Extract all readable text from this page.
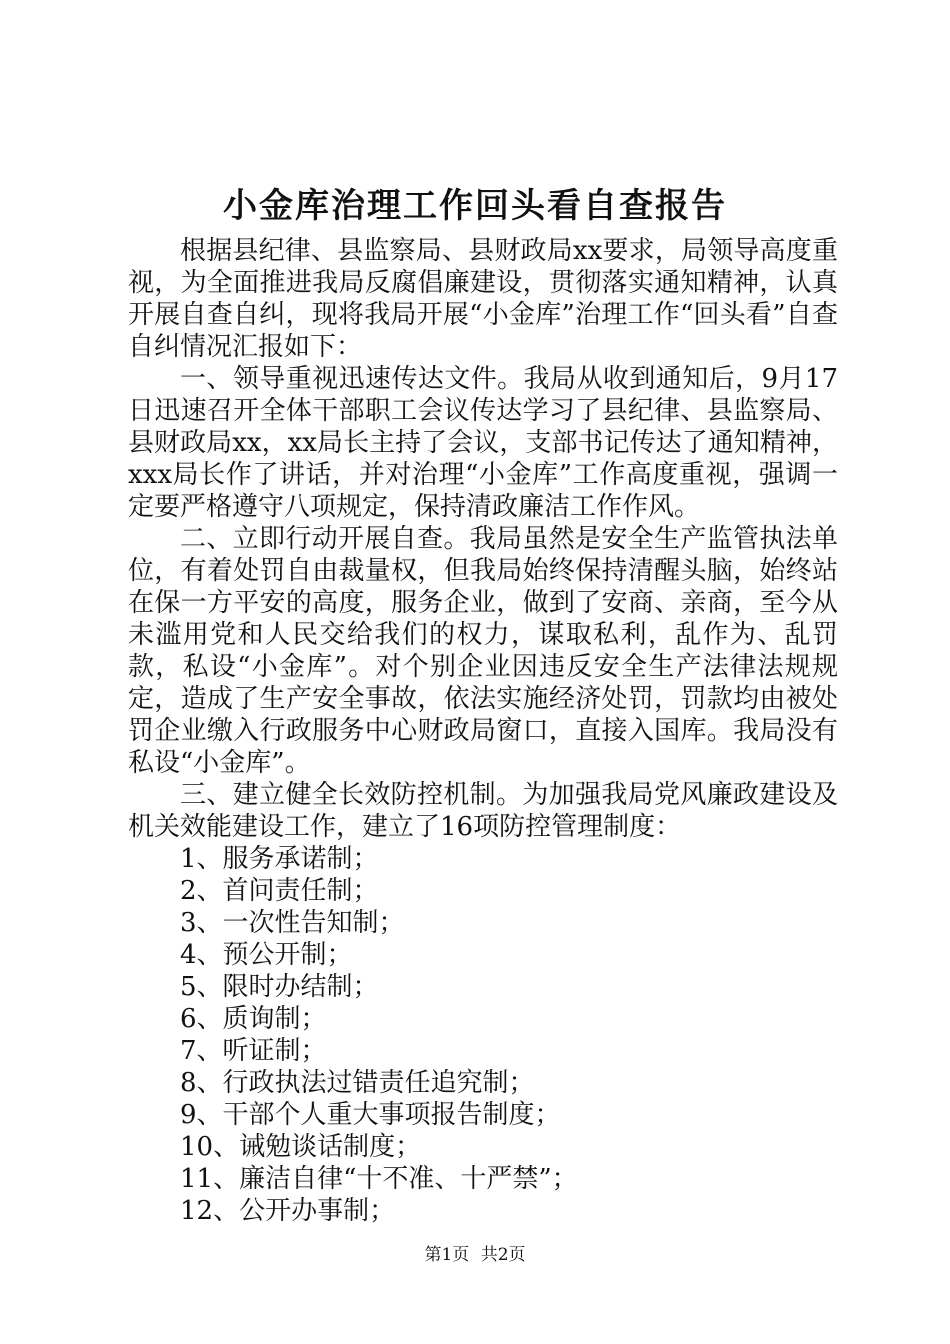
小金库治理工作回头看自查报告

根据县纪律、县监察局、县财政局xx要求，局领导高度重视，为全面推进我局反腐倡廉建设，贯彻落实通知精神，认真开展自查自纠，现将我局开展“小金库”治理工作“回头看”自查自纠情况汇报如下：

一、领导重视迅速传达文件。我局从收到通知后，9月17日迅速召开全体干部职工会议传达学习了县纪律、县监察局、县财政局xx，xx局长主持了会议，支部书记传达了通知精神，xxx局长作了讲话，并对治理“小金库”工作高度重视，强调一定要严格遵守八项规定，保持清政廉洁工作作风。

二、立即行动开展自查。我局虽然是安全生产监管执法单位，有着处罚自由裁量权，但我局始终保持清醒头脑，始终站在保一方平安的高度，服务企业，做到了安商、亲商，至今从未滥用党和人民交给我们的权力，谋取私利，乱作为、乱罚款，私设“小金库”。对个别企业因违反安全生产法律法规规定，造成了生产安全事故，依法实施经济处罚，罚款均由被处罚企业缴入行政服务中心财政局窗口，直接入国库。我局没有私设“小金库”。

三、建立健全长效防控机制。为加强我局党风廉政建设及机关效能建设工作，建立了16项防控管理制度：

1、服务承诺制；
2、首问责任制；
3、一次性告知制；
4、预公开制；
5、限时办结制；
6、质询制；
7、听证制；
8、行政执法过错责任追究制；
9、干部个人重大事项报告制度；
10、诫勉谈话制度；
11、廉洁自律“十不准、十严禁”；
12、公开办事制；
第1页 共2页
